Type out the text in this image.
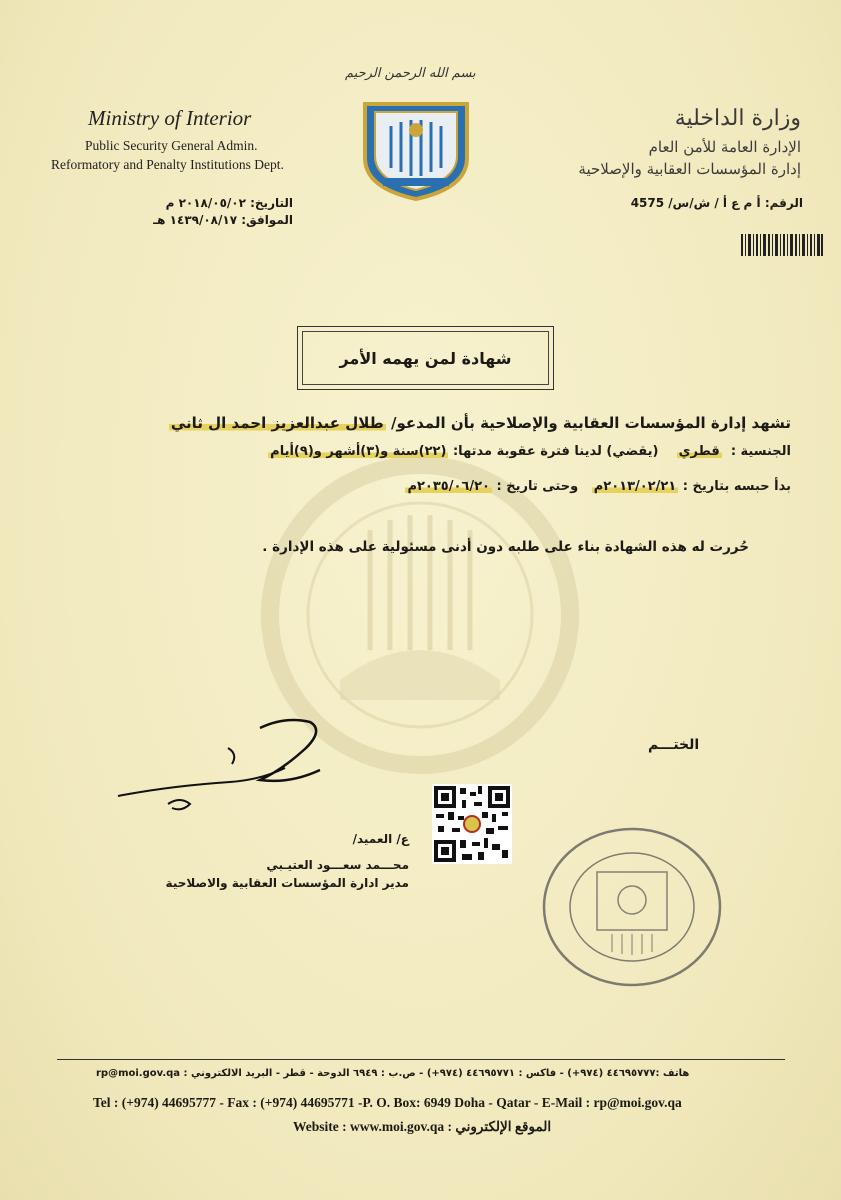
بسم الله الرحمن الرحيم
Ministry of Interior
Public Security General Admin.
Reformatory and Penalty Institutions Dept.
التاريخ: ٢٠١٨/٠٥/٠٢ م
الموافق: ١٤٣٩/٠٨/١٧ هـ
وزارة الداخلية
الإدارة العامة للأمن العام
إدارة المؤسسات العقابية والإصلاحية
الرقم: أ م ع أ / ش/س/ 4575
شهادة لمن يهمه الأمر
تشهد إدارة المؤسسات العقابية والإصلاحية بأن المدعو/ طلال عبدالعزيز احمد ال ثاني
الجنسية :  قطري    (يقضي) لدينا فترة عقوبة مدتها: (٢٢)سنة و(٣)أشهر و(٩)أيام
بدأ حبسه بتاريخ : ٢٠١٣/٠٢/٢١م   وحتى تاريخ : ٢٠٣٥/٠٦/٢٠م
حُررت له هذه الشهادة بناء على طلبه دون أدنى مسئولية على هذه الإدارة .
الختـــم
ع/ العميد/
محـــمد سعـــود العتيـبي
مدير ادارة المؤسسات العقابية والاصلاحية
هاتف :٤٤٦٩٥٧٧٧ (٩٧٤+) - فاكس : ٤٤٦٩٥٧٧١ (٩٧٤+) - ص.ب : ٦٩٤٩ الدوحة - قطر - البريد الالكتروني : rp@moi.gov.qa
Tel : (+974) 44695777 - Fax : (+974) 44695771 -P. O. Box: 6949 Doha - Qatar - E-Mail : rp@moi.gov.qa
Website : www.moi.gov.qa : الموقع الإلكتروني
